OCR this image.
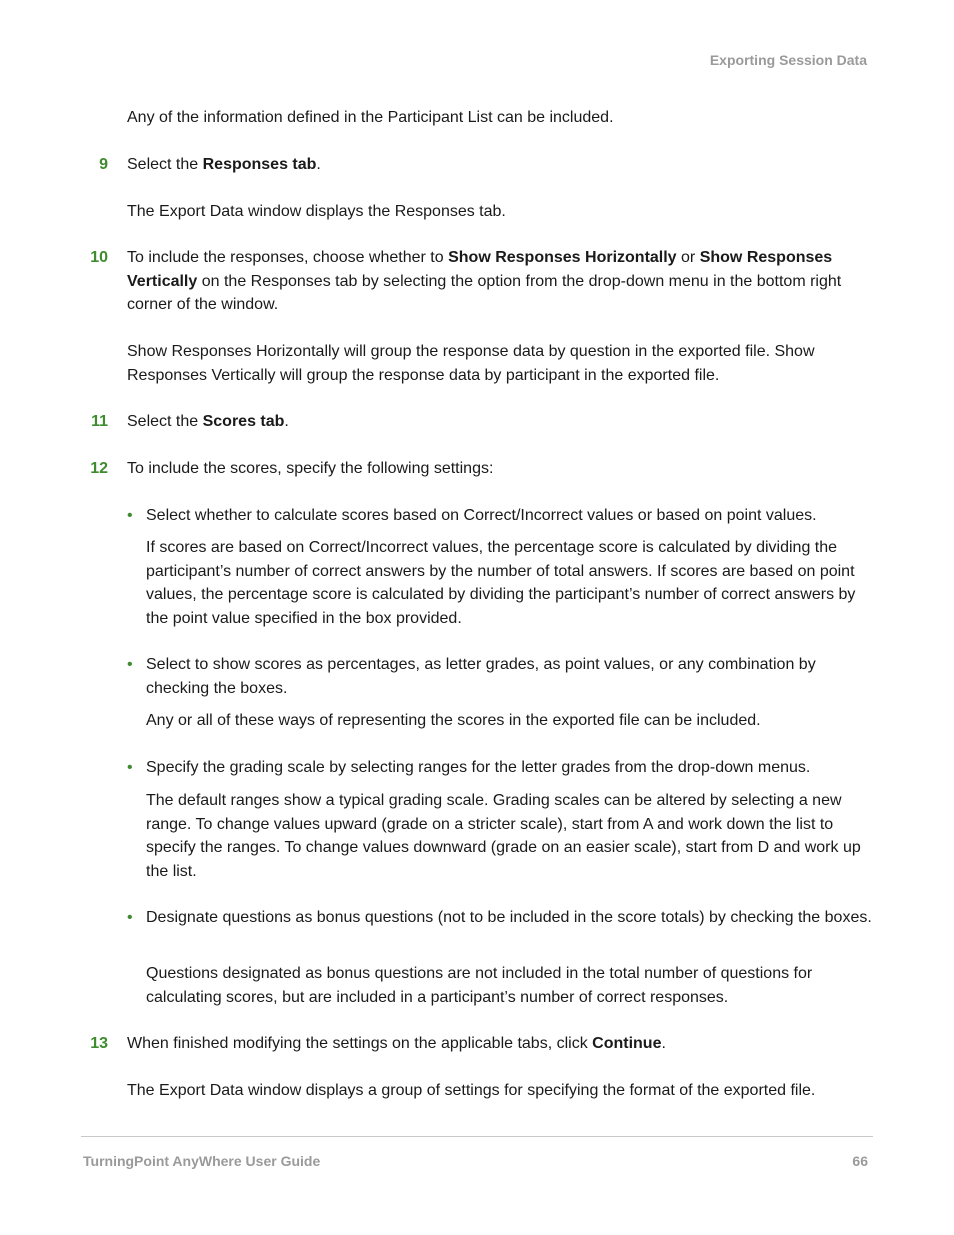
Exporting Session Data

Any of the information defined in the Participant List can be included.

9 Select the Responses tab.

The Export Data window displays the Responses tab.

10 To include the responses, choose whether to Show Responses Horizontally or Show Responses Vertically on the Responses tab by selecting the option from the drop-down menu in the bottom right corner of the window.

Show Responses Horizontally will group the response data by question in the exported file. Show Responses Vertically will group the response data by participant in the exported file.

11 Select the Scores tab.

12 To include the scores, specify the following settings:

• Select whether to calculate scores based on Correct/Incorrect values or based on point values.

If scores are based on Correct/Incorrect values, the percentage score is calculated by dividing the participant’s number of correct answers by the number of total answers. If scores are based on point values, the percentage score is calculated by dividing the participant’s number of correct answers by the point value specified in the box provided.

• Select to show scores as percentages, as letter grades, as point values, or any combination by checking the boxes.

Any or all of these ways of representing the scores in the exported file can be included.

• Specify the grading scale by selecting ranges for the letter grades from the drop-down menus.

The default ranges show a typical grading scale. Grading scales can be altered by selecting a new range. To change values upward (grade on a stricter scale), start from A and work down the list to specify the ranges. To change values downward (grade on an easier scale), start from D and work up the list.

• Designate questions as bonus questions (not to be included in the score totals) by checking the boxes.

Questions designated as bonus questions are not included in the total number of questions for calculating scores, but are included in a participant’s number of correct responses.

13 When finished modifying the settings on the applicable tabs, click Continue.

The Export Data window displays a group of settings for specifying the format of the exported file.

TurningPoint AnyWhere User Guide	66
